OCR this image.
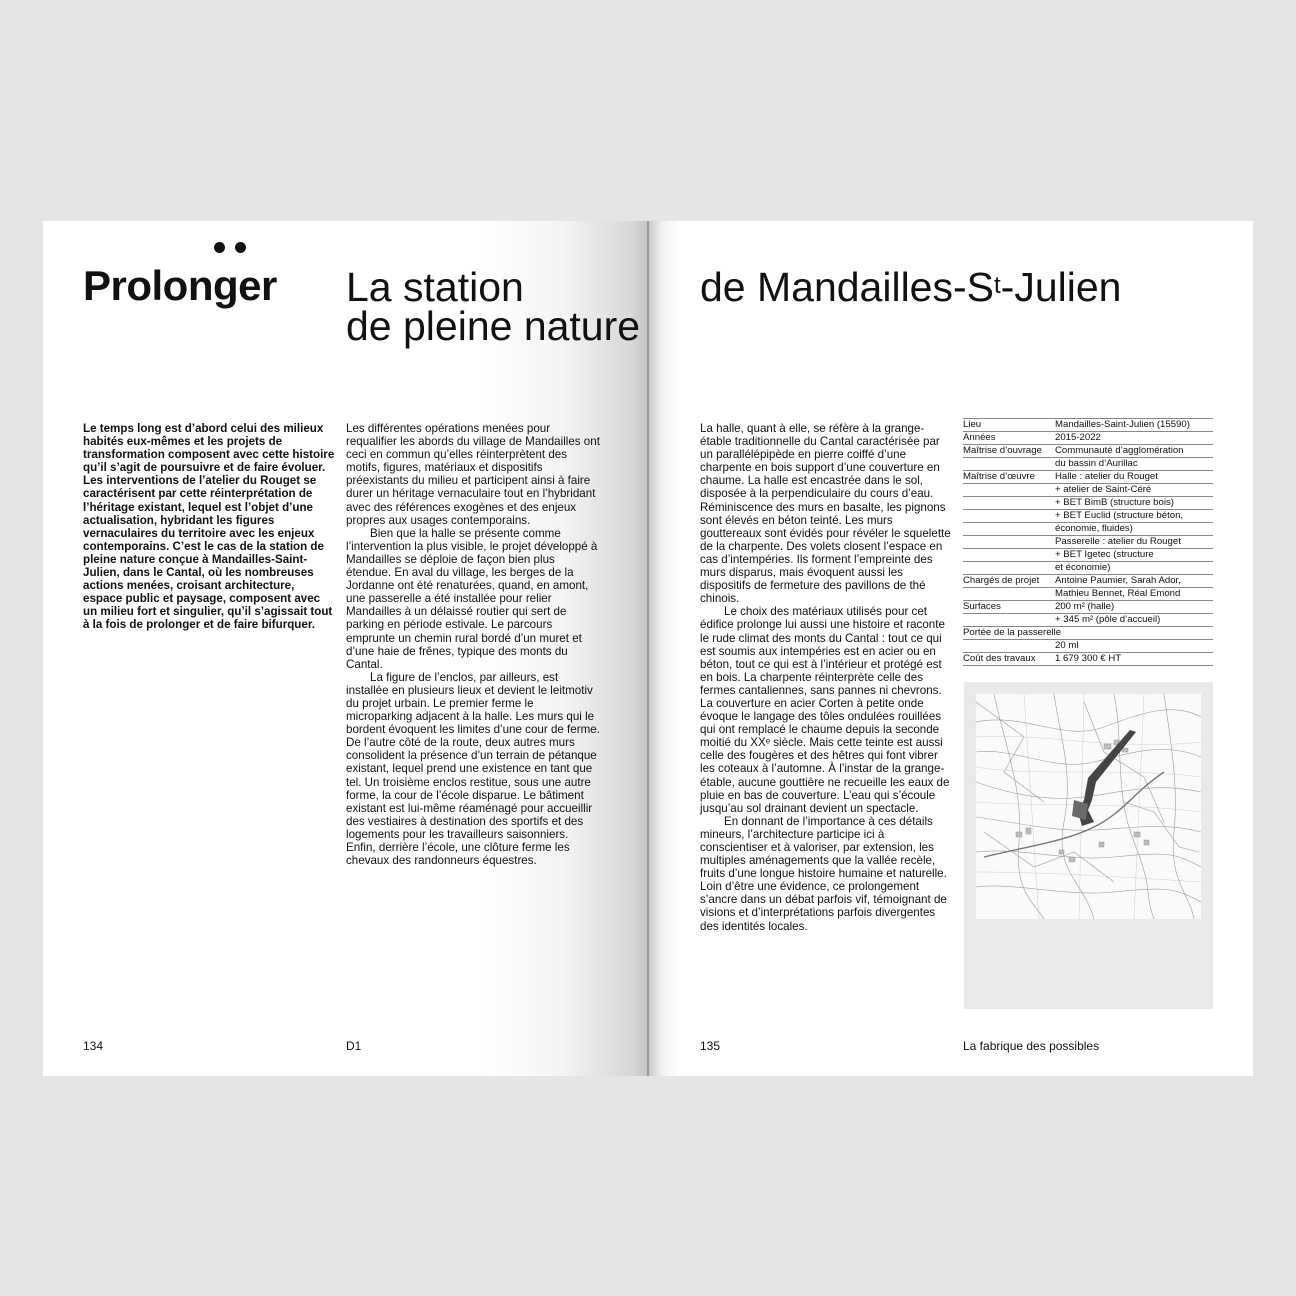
Prolonger La station
de pleine nature
de Mandailles-$S^t$-Julien

Le temps long est d’abord celui des milieux habités eux-mêmes et les projets de transformation composent avec cette histoire qu’il s’agit de poursuivre et de faire évoluer. Les interventions de l’atelier du Rouget se caractérisent par cette réinterprétation de l’héritage existant, lequel est l’objet d’une actualisation, hybridant les figures vernaculaires du territoire avec les enjeux contemporains. C’est le cas de la station de pleine nature conçue à Mandailles-Saint-Julien, dans le Cantal, où les nombreuses actions menées, croisant architecture, espace public et paysage, composent avec un milieu fort et singulier, qu’il s’agissait tout à la fois de prolonger et de faire bifurquer.

Les différentes opérations menées pour requalifier les abords du village de Mandailles ont ceci en commun qu’elles réinterprètent des motifs, figures, matériaux et dispositifs préexistants du milieu et participent ainsi à faire durer un héritage vernaculaire tout en l’hybridant avec des références exogènes et des enjeux propres aux usages contemporains.

Bien que la halle se présente comme l’intervention la plus visible, le projet développé à Mandailles se déploie de façon bien plus étendue. En aval du village, les berges de la Jordanne ont été renaturées, quand, en amont, une passerelle a été installée pour relier Mandailles à un délaissé routier qui sert de parking en période estivale. Le parcours emprunte un chemin rural bordé d’un muret et d’une haie de frênes, typique des monts du Cantal.

La figure de l’enclos, par ailleurs, est installée en plusieurs lieux et devient le leitmotiv du projet urbain. Le premier ferme le microparking adjacent à la halle. Les murs qui le bordent évoquent les limites d’une cour de ferme. De l’autre côté de la route, deux autres murs consolident la présence d’un terrain de pétanque existant, lequel prend une existence en tant que tel. Un troisième enclos restitue, sous une autre forme, la cour de l’école disparue. Le bâtiment existant est lui-même réaménagé pour accueillir des vestiaires à destination des sportifs et des logements pour les travailleurs saisonniers. Enfin, derrière l’école, une clôture ferme les chevaux des randonneurs équestres.

La halle, quant à elle, se réfère à la grange-étable traditionnelle du Cantal caractérisée par un parallélépipède en pierre coiffé d’une charpente en bois support d’une couverture en chaume. La halle est encastrée dans le sol, disposée à la perpendiculaire du cours d’eau. Réminiscence des murs en basalte, les pignons sont élevés en béton teinté. Les murs gouttereaux sont évidés pour révéler le squelette de la charpente. Des volets closent l’espace en cas d’intempéries. Ils forment l’empreinte des murs disparus, mais évoquent aussi les dispositifs de fermeture des pavillons de thé chinois.

Le choix des matériaux utilisés pour cet édifice prolonge lui aussi une histoire et raconte le rude climat des monts du Cantal : tout ce qui est soumis aux intempéries est en acier ou en béton, tout ce qui est à l’intérieur et protégé est en bois. La charpente réinterprète celle des fermes cantaliennes, sans pannes ni chevrons. La couverture en acier Corten à petite onde évoque le langage des tôles ondulées rouillées qui ont remplacé le chaume depuis la seconde moitié du XXᵉ siècle. Mais cette teinte est aussi celle des fougères et des hêtres qui font vibrer les coteaux à l’automne. À l’instar de la grange-étable, aucune gouttière ne recueille les eaux de pluie en bas de couverture. L’eau qui s’écoule jusqu’au sol drainant devient un spectacle.

En donnant de l’importance à ces détails mineurs, l’architecture participe ici à conscientiser et à valoriser, par extension, les multiples aménagements que la vallée recèle, fruits d’une longue histoire humaine et naturelle. Loin d’être une évidence, ce prolongement s’ancre dans un débat parfois vif, témoignant de visions et d’interprétations parfois divergentes des identités locales.

Lieu	Mandailles-Saint-Julien (15590)
Années	2015-2022
Maîtrise d’ouvrage	Communauté d’agglomération
du bassin d’Aurillac
Maîtrise d’œuvre	Halle : atelier du Rouget
+ atelier de Saint-Céré
+ BET BimB (structure bois)
+ BET Euclid (structure béton,
économie, fluides)
Passerelle : atelier du Rouget
+ BET Igetec (structure
et économie)
Chargés de projet	Antoine Paumier, Sarah Ador,
Mathieu Bennet, Réal Emond
Surfaces	200 m² (halle)
+ 345 m² (pôle d’accueil)
Portée de la passerelle
20 ml
Coût des travaux	1 679 300 € HT
134	D1	135	La fabrique des possibles
